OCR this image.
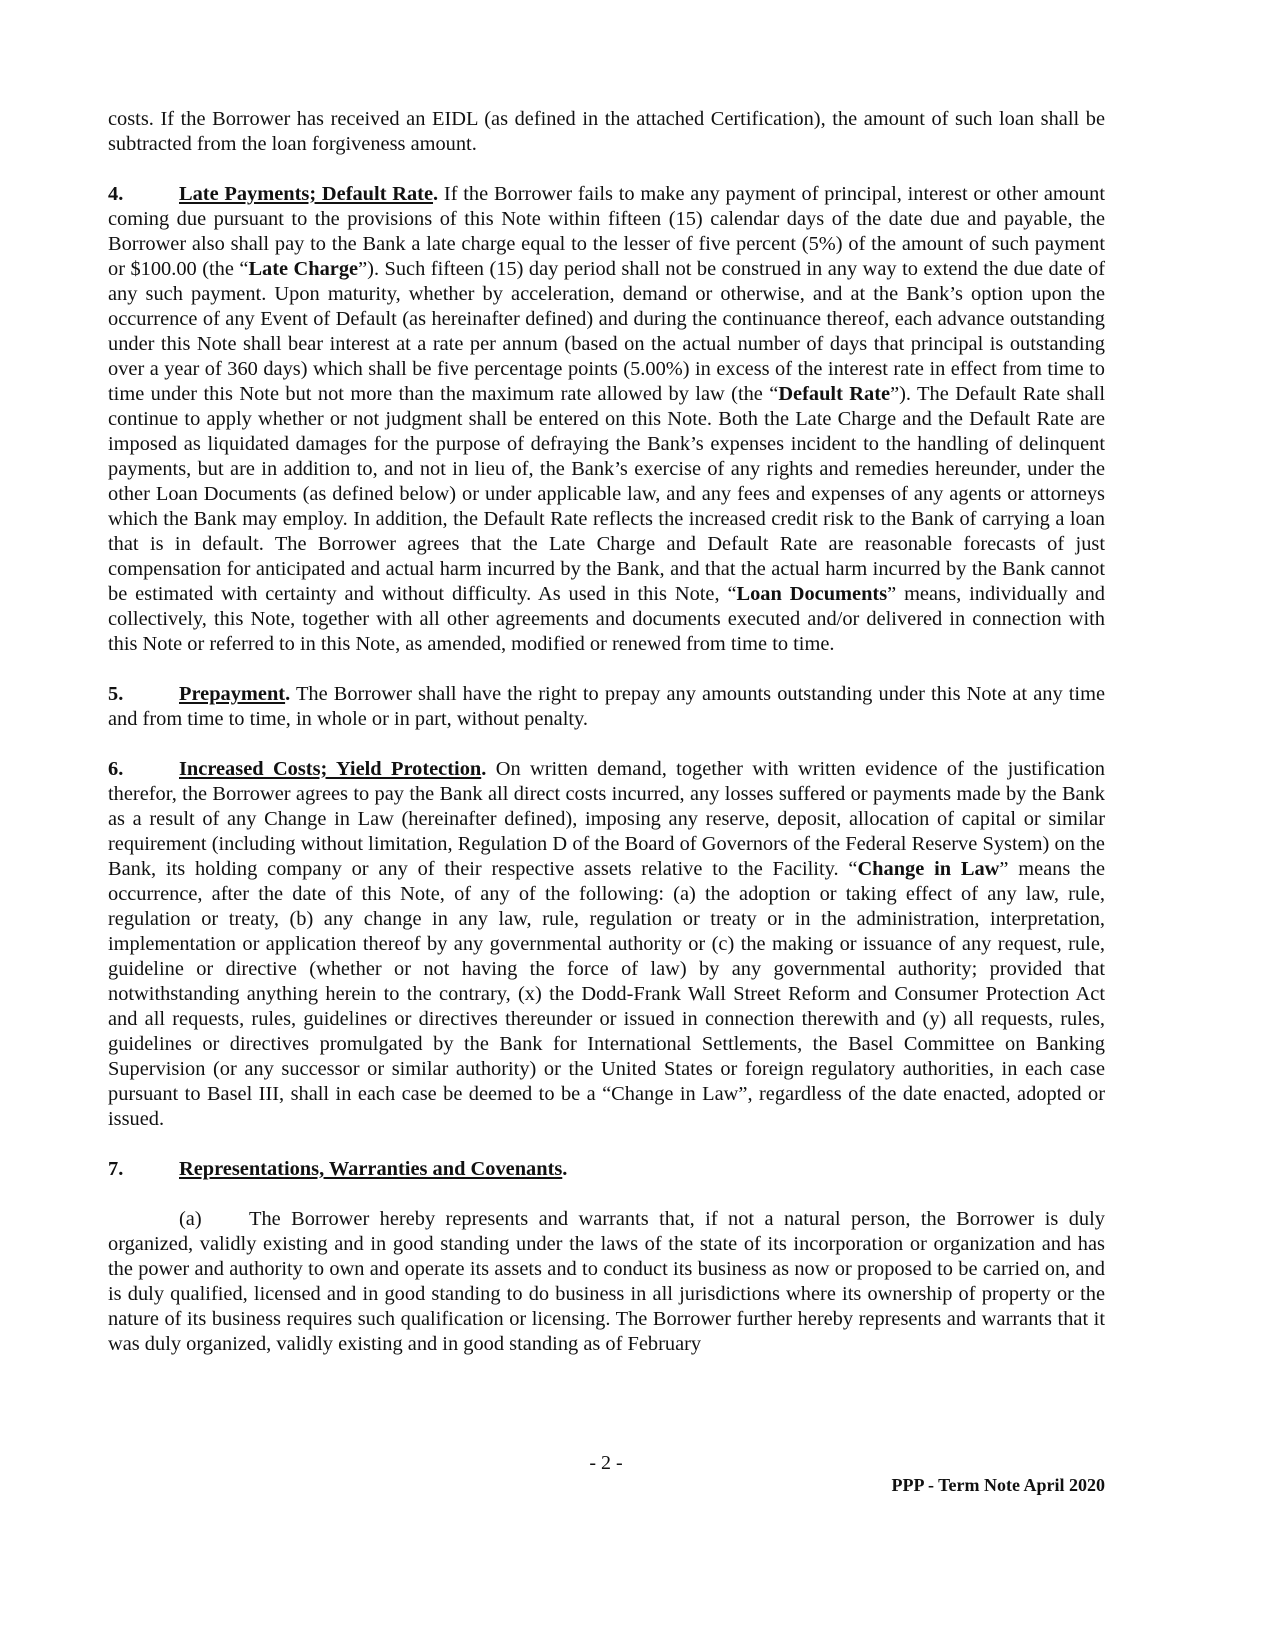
costs. If the Borrower has received an EIDL (as defined in the attached Certification), the amount of such loan shall be subtracted from the loan forgiveness amount.

4.	Late Payments; Default Rate. If the Borrower fails to make any payment of principal, interest or other amount coming due pursuant to the provisions of this Note within fifteen (15) calendar days of the date due and payable, the Borrower also shall pay to the Bank a late charge equal to the lesser of five percent (5%) of the amount of such payment or $100.00 (the “Late Charge”). Such fifteen (15) day period shall not be construed in any way to extend the due date of any such payment. Upon maturity, whether by acceleration, demand or otherwise, and at the Bank’s option upon the occurrence of any Event of Default (as hereinafter defined) and during the continuance thereof, each advance outstanding under this Note shall bear interest at a rate per annum (based on the actual number of days that principal is outstanding over a year of 360 days) which shall be five percentage points (5.00%) in excess of the interest rate in effect from time to time under this Note but not more than the maximum rate allowed by law (the “Default Rate”). The Default Rate shall continue to apply whether or not judgment shall be entered on this Note. Both the Late Charge and the Default Rate are imposed as liquidated damages for the purpose of defraying the Bank’s expenses incident to the handling of delinquent payments, but are in addition to, and not in lieu of, the Bank’s exercise of any rights and remedies hereunder, under the other Loan Documents (as defined below) or under applicable law, and any fees and expenses of any agents or attorneys which the Bank may employ. In addition, the Default Rate reflects the increased credit risk to the Bank of carrying a loan that is in default. The Borrower agrees that the Late Charge and Default Rate are reasonable forecasts of just compensation for anticipated and actual harm incurred by the Bank, and that the actual harm incurred by the Bank cannot be estimated with certainty and without difficulty. As used in this Note, “Loan Documents” means, individually and collectively, this Note, together with all other agreements and documents executed and/or delivered in connection with this Note or referred to in this Note, as amended, modified or renewed from time to time.

5.	Prepayment. The Borrower shall have the right to prepay any amounts outstanding under this Note at any time and from time to time, in whole or in part, without penalty.

6.	Increased Costs; Yield Protection. On written demand, together with written evidence of the justification therefor, the Borrower agrees to pay the Bank all direct costs incurred, any losses suffered or payments made by the Bank as a result of any Change in Law (hereinafter defined), imposing any reserve, deposit, allocation of capital or similar requirement (including without limitation, Regulation D of the Board of Governors of the Federal Reserve System) on the Bank, its holding company or any of their respective assets relative to the Facility. “Change in Law” means the occurrence, after the date of this Note, of any of the following: (a) the adoption or taking effect of any law, rule, regulation or treaty, (b) any change in any law, rule, regulation or treaty or in the administration, interpretation, implementation or application thereof by any governmental authority or (c) the making or issuance of any request, rule, guideline or directive (whether or not having the force of law) by any governmental authority; provided that notwithstanding anything herein to the contrary, (x) the Dodd-Frank Wall Street Reform and Consumer Protection Act and all requests, rules, guidelines or directives thereunder or issued in connection therewith and (y) all requests, rules, guidelines or directives promulgated by the Bank for International Settlements, the Basel Committee on Banking Supervision (or any successor or similar authority) or the United States or foreign regulatory authorities, in each case pursuant to Basel III, shall in each case be deemed to be a “Change in Law”, regardless of the date enacted, adopted or issued.

7.	Representations, Warranties and Covenants.

(a) The Borrower hereby represents and warrants that, if not a natural person, the Borrower is duly organized, validly existing and in good standing under the laws of the state of its incorporation or organization and has the power and authority to own and operate its assets and to conduct its business as now or proposed to be carried on, and is duly qualified, licensed and in good standing to do business in all jurisdictions where its ownership of property or the nature of its business requires such qualification or licensing. The Borrower further hereby represents and warrants that it was duly organized, validly existing and in good standing as of February

- 2 -
PPP - Term Note April 2020
